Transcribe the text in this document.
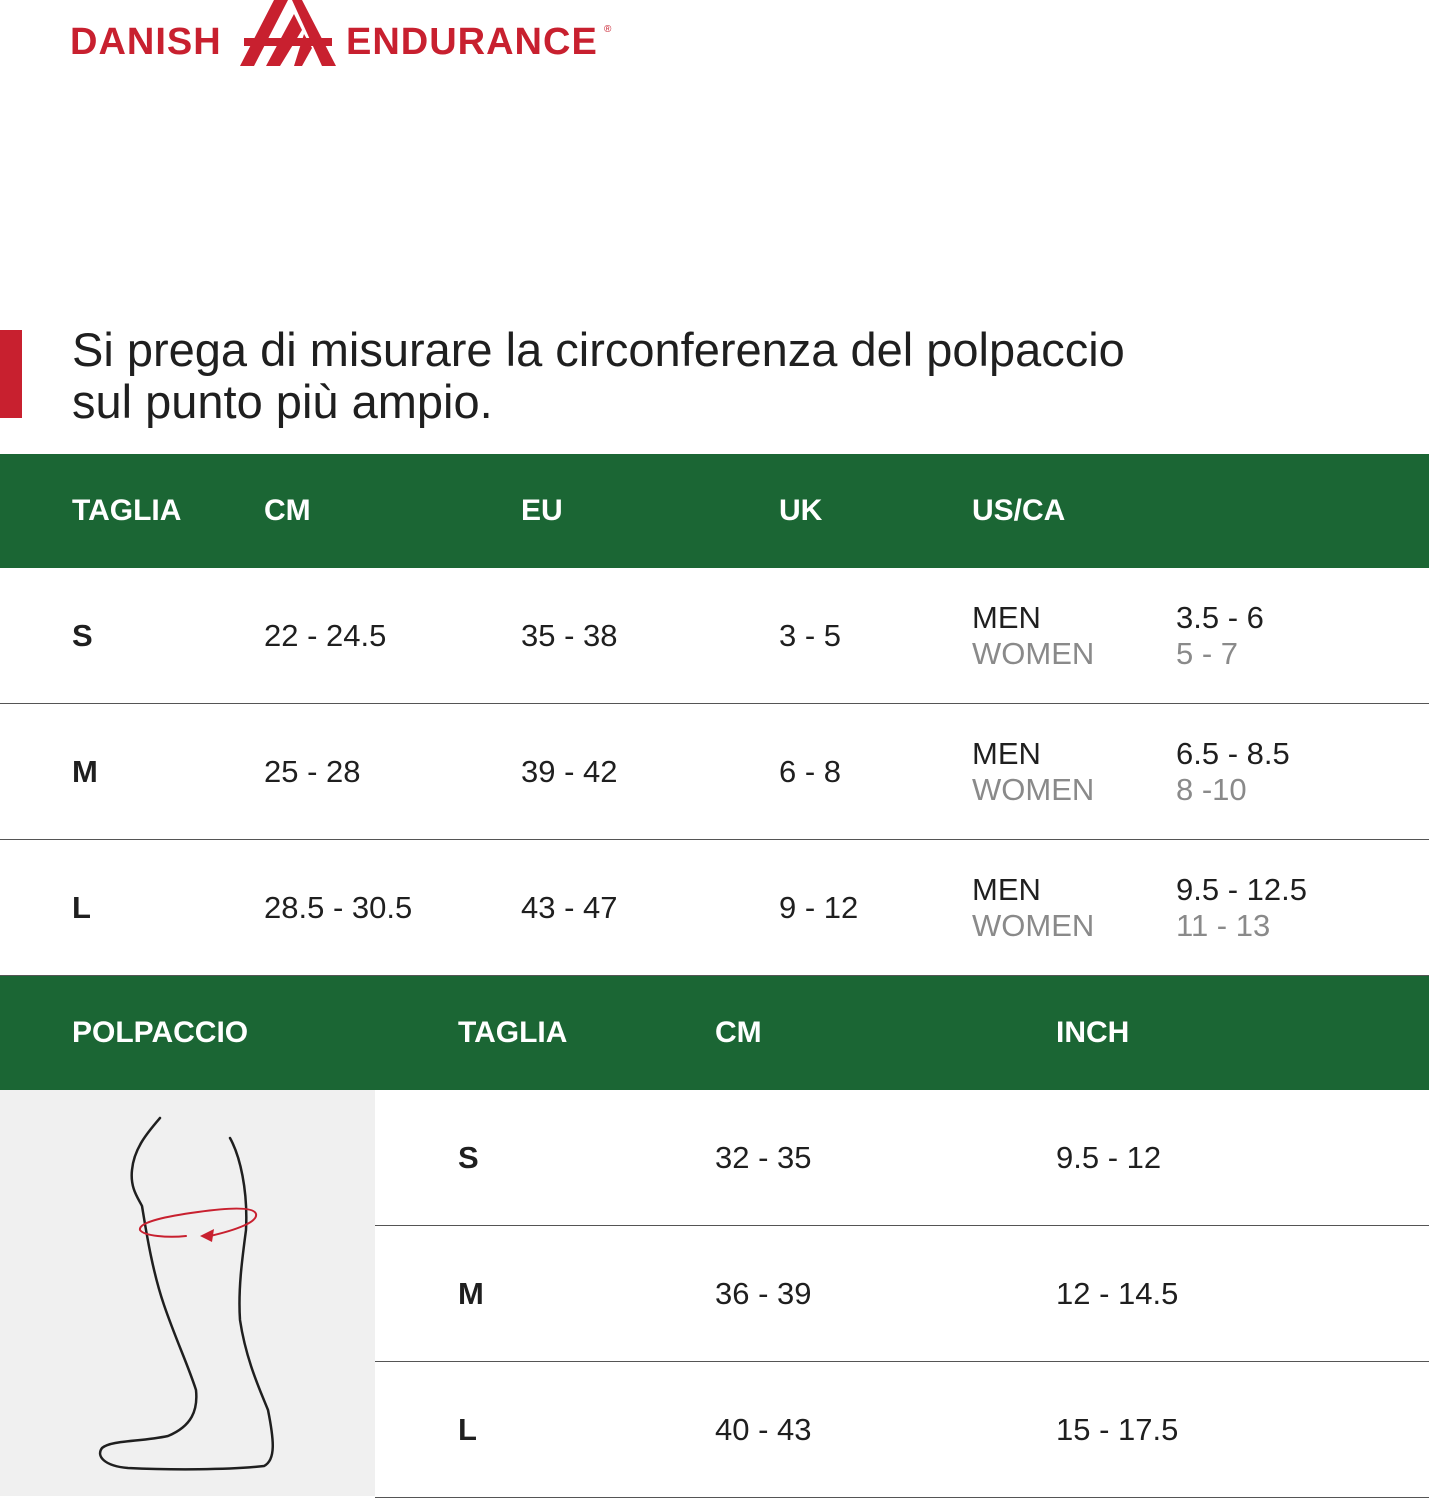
DANISH	ENDURANCE ®
Si prega di misurare la circonferenza del polpaccio
sul punto più ampio.
TAGLIA	CM	EU	UK	US/CA
S	22 - 24.5	35 - 38	3 - 5
MEN	3.5 - 6
WOMEN	5 - 7
M	25 - 28	39 - 42	6 - 8
MEN	6.5 - 8.5
WOMEN	8 -10
L	28.5 - 30.5	43 - 47	9 - 12
MEN	9.5 - 12.5
WOMEN	11 - 13
POLPACCIO	TAGLIA	CM	INCH
S	32 - 35	9.5 - 12
M	36 - 39	12 - 14.5
L	40 - 43	15 - 17.5
